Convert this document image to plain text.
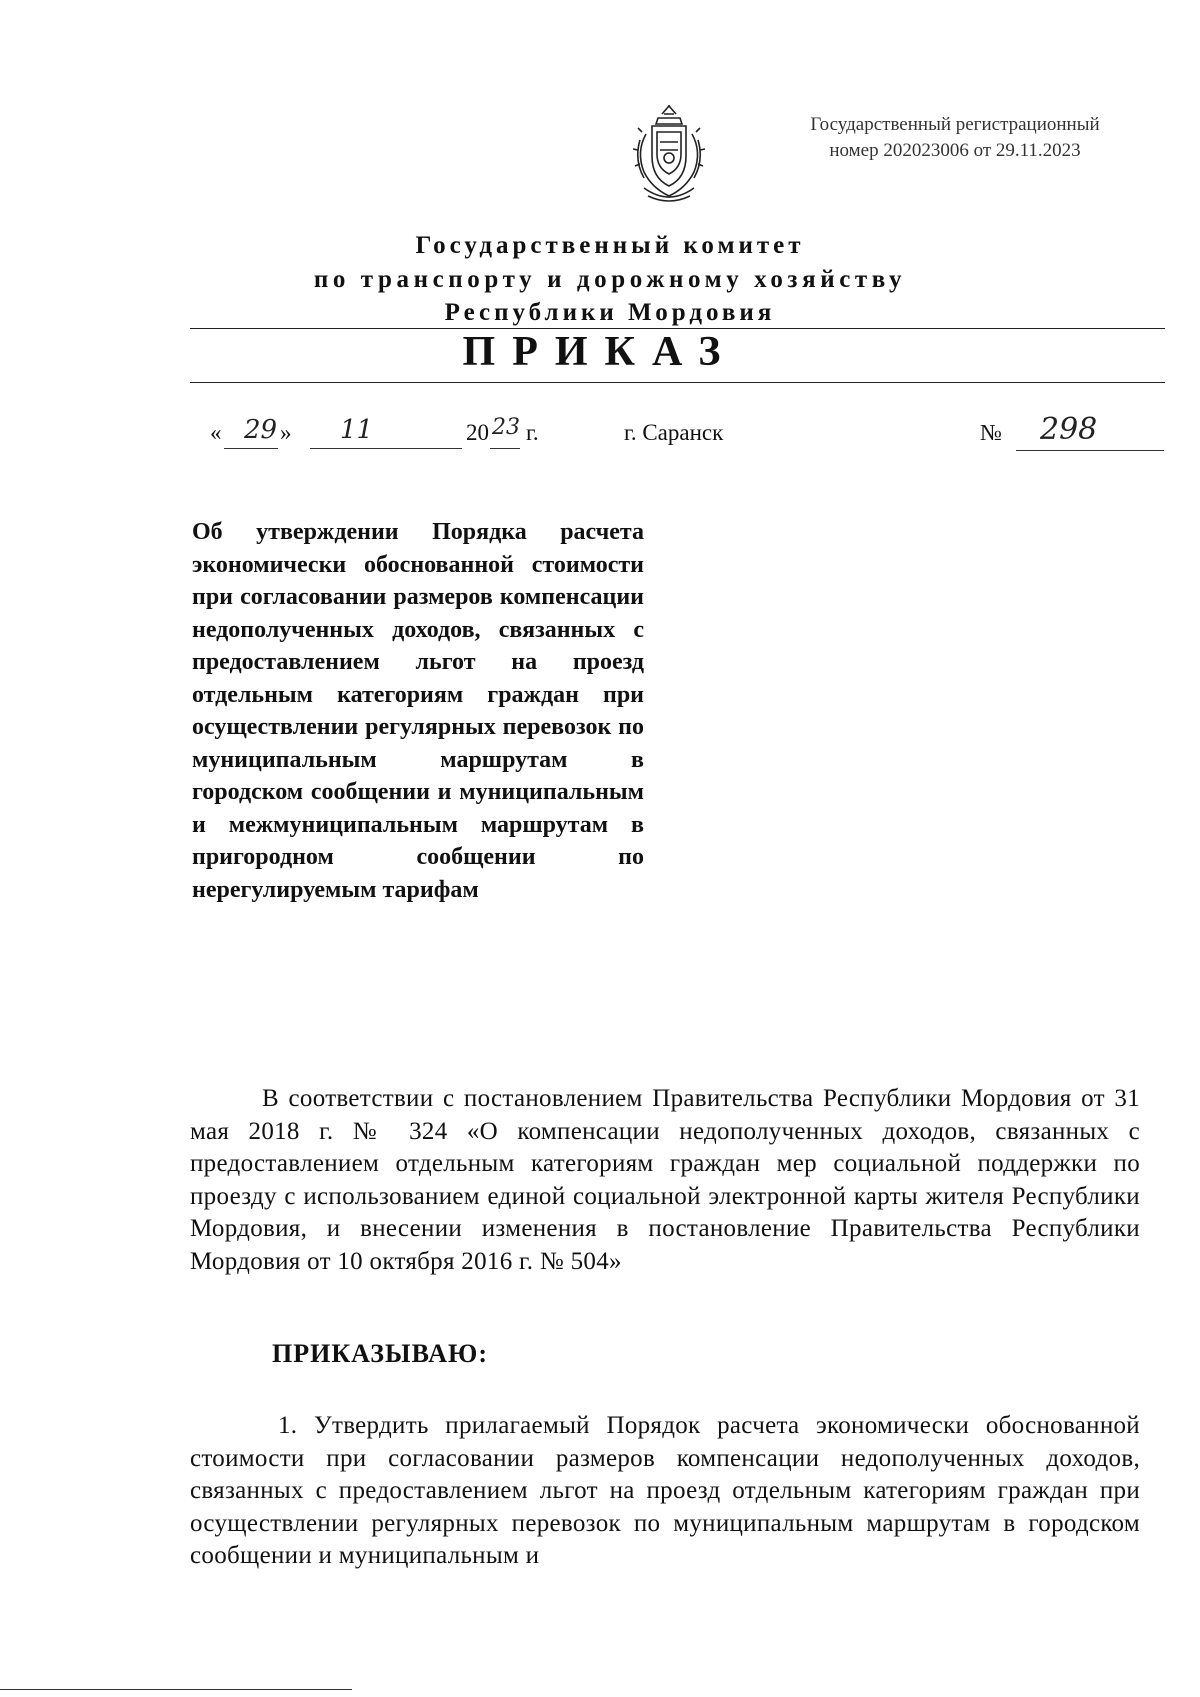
Государственный регистрационный
номер 202023006 от 29.11.2023
Государственный комитет
по транспорту и дорожному хозяйству
Республики Мордовия
ПРИКАЗ
« 29 » 11	20 23 г.	г. Саранск	№ 298
Об утверждении Порядка расчета экономически обоснованной стоимости при согласовании размеров компенсации недополученных доходов, связанных с предоставлением льгот на проезд отдельным категориям граждан при осуществлении регулярных перевозок по муниципальным маршрутам в городском сообщении и муниципальным и межмуниципальным маршрутам в пригородном сообщении по нерегулируемым тарифам
В соответствии с постановлением Правительства Республики Мордовия от 31 мая 2018 г. № 324 «О компенсации недополученных доходов, связанных с предоставлением отдельным категориям граждан мер социальной поддержки по проезду с использованием единой социальной электронной карты жителя Республики Мордовия, и внесении изменения в постановление Правительства Республики Мордовия от 10 октября 2016 г. № 504»
ПРИКАЗЫВАЮ:
1. Утвердить прилагаемый Порядок расчета экономически обоснованной стоимости при согласовании размеров компенсации недополученных доходов, связанных с предоставлением льгот на проезд отдельным категориям граждан при осуществлении регулярных перевозок по муниципальным маршрутам в городском сообщении и муниципальным и
